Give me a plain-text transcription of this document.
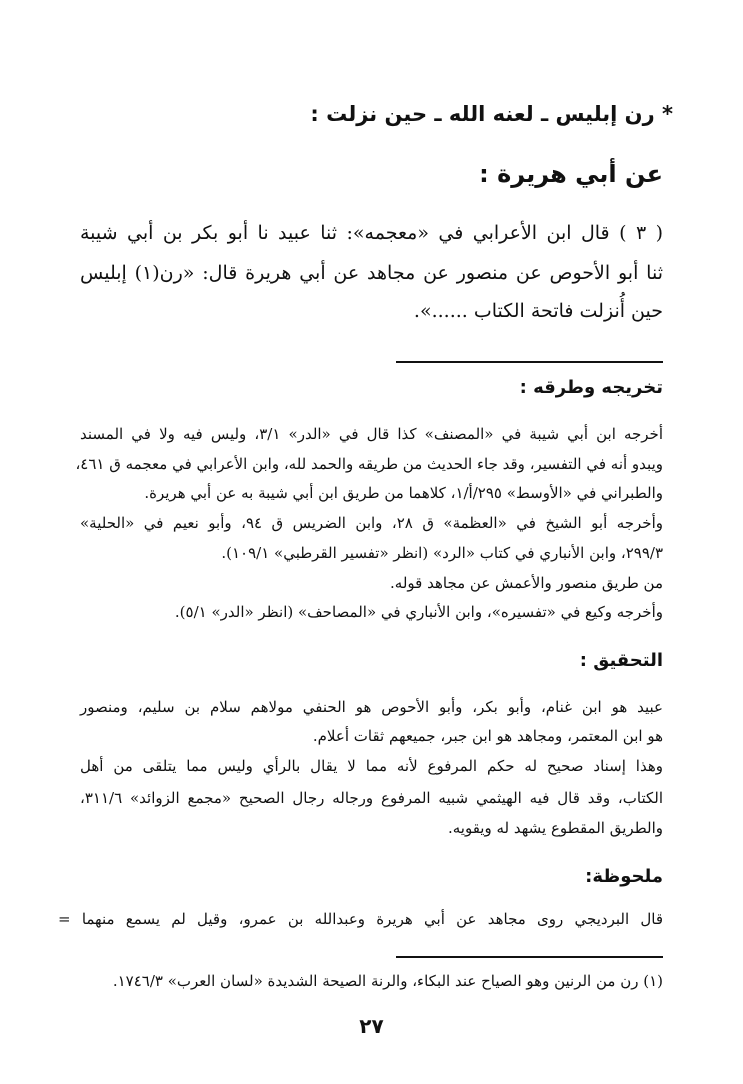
* رن إبليس ـ لعنه الله ـ حين نزلت :
عن أبي هريرة :
( ٣ ) قال ابن الأعرابي في «معجمه»: ثنا عبيد نا أبو بكر بن أبي شيبة
ثنا أبو الأحوص عن منصور عن مجاهد عن أبي هريرة قال: «رن(١) إبليس
حين أُنزلت فاتحة الكتاب ......».
تخريجه وطرقه :
أخرجه ابن أبي شيبة في «المصنف» كذا قال في «الدر» ٣/١، وليس فيه ولا في المسند
ويبدو أنه في التفسير، وقد جاء الحديث من طريقه والحمد لله، وابن الأعرابي في معجمه ق ٤٦١،
والطبراني في «الأوسط» ٢٩٥/أ/١، كلاهما من طريق ابن أبي شيبة به عن أبي هريرة.
وأخرجه أبو الشيخ في «العظمة» ق ٢٨، وابن الضريس ق ٩٤، وأبو نعيم في «الحلية»
٢٩٩/٣، وابن الأنباري في كتاب «الرد» (انظر «تفسير القرطبي» ١٠٩/١).
من طريق منصور والأعمش عن مجاهد قوله.
وأخرجه وكيع في «تفسيره»، وابن الأنباري في «المصاحف» (انظر «الدر» ٥/١).
التحقيق :
عبيد هو ابن غنام، وأبو بكر، وأبو الأحوص هو الحنفي مولاهم سلام بن سليم، ومنصور
هو ابن المعتمر، ومجاهد هو ابن جبر، جميعهم ثقات أعلام.
وهذا إسناد صحيح له حكم المرفوع لأنه مما لا يقال بالرأي وليس مما يتلقى من أهل
الكتاب، وقد قال فيه الهيثمي شبيه المرفوع ورجاله رجال الصحيح «مجمع الزوائد» ٣١١/٦،
والطريق المقطوع يشهد له ويقويه.
ملحوظة:
قال البرديجي روى مجاهد عن أبي هريرة وعبدالله بن عمرو، وقيل لم يسمع منهما =
(١) رن من الرنين وهو الصياح عند البكاء، والرنة الصيحة الشديدة «لسان العرب» ١٧٤٦/٣.
٢٧
